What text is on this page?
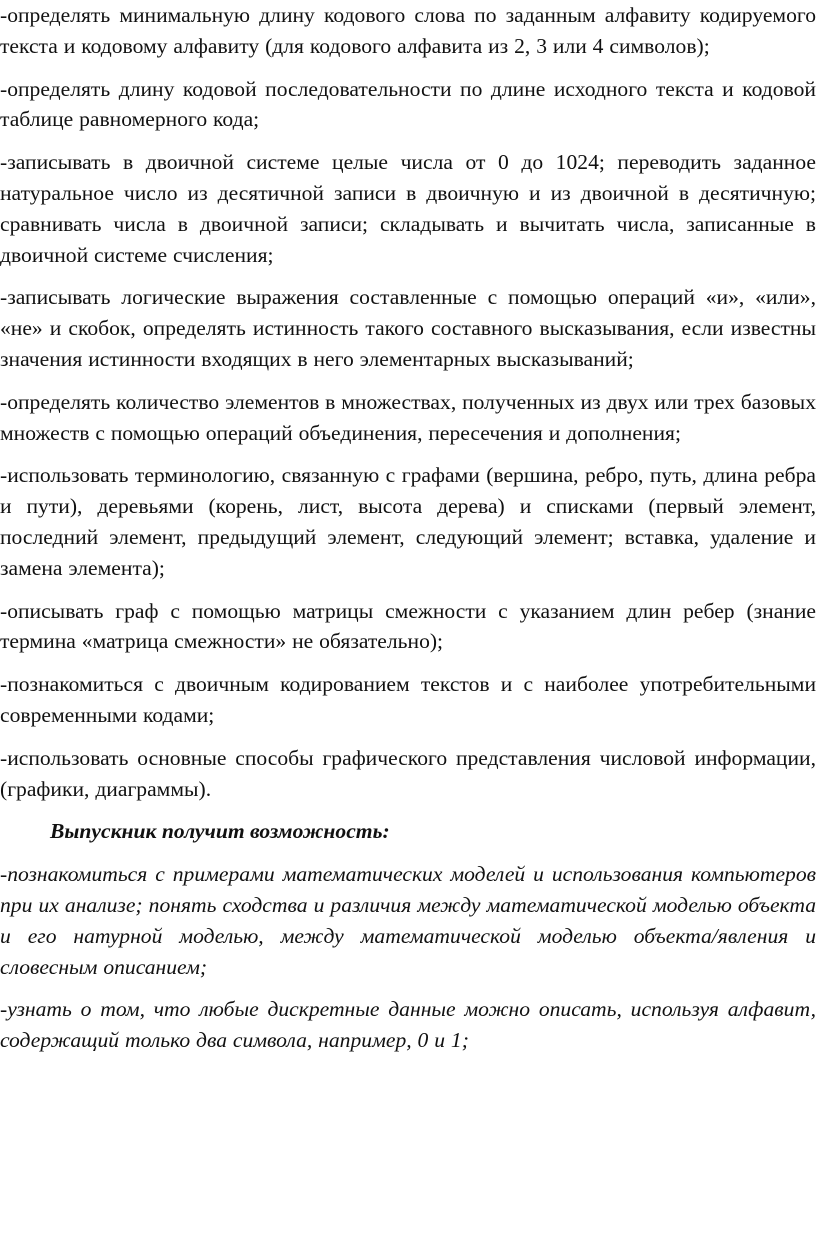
-определять минимальную длину кодового слова по заданным алфавиту кодируемого текста и кодовому алфавиту (для кодового алфавита из 2, 3 или 4 символов);

-определять длину кодовой последовательности по длине исходного текста и кодовой таблице равномерного кода;

-записывать в двоичной системе целые числа от 0 до 1024; переводить заданное натуральное число из десятичной записи в двоичную и из двоичной в десятичную; сравнивать числа в двоичной записи; складывать и вычитать числа, записанные в двоичной системе счисления;

-записывать логические выражения составленные с помощью операций «и», «или», «не» и скобок, определять истинность такого составного высказывания, если известны значения истинности входящих в него элементарных высказываний;

-определять количество элементов в множествах, полученных из двух или трех базовых множеств с помощью операций объединения, пересечения и дополнения;

-использовать терминологию, связанную с графами (вершина, ребро, путь, длина ребра и пути), деревьями (корень, лист, высота дерева) и списками (первый элемент, последний элемент, предыдущий элемент, следующий элемент; вставка, удаление и замена элемента);

-описывать граф с помощью матрицы смежности с указанием длин ребер (знание термина «матрица смежности» не обязательно);

-познакомиться с двоичным кодированием текстов и с наиболее употребительными современными кодами;

-использовать основные способы графического представления числовой информации, (графики, диаграммы).

Выпускник получит возможность:

-познакомиться с примерами математических моделей и использования компьютеров при их анализе; понять сходства и различия между математической моделью объекта и его натурной моделью, между математической моделью объекта/явления и словесным описанием;

-узнать о том, что любые дискретные данные можно описать, используя алфавит, содержащий только два символа, например, 0 и 1;
